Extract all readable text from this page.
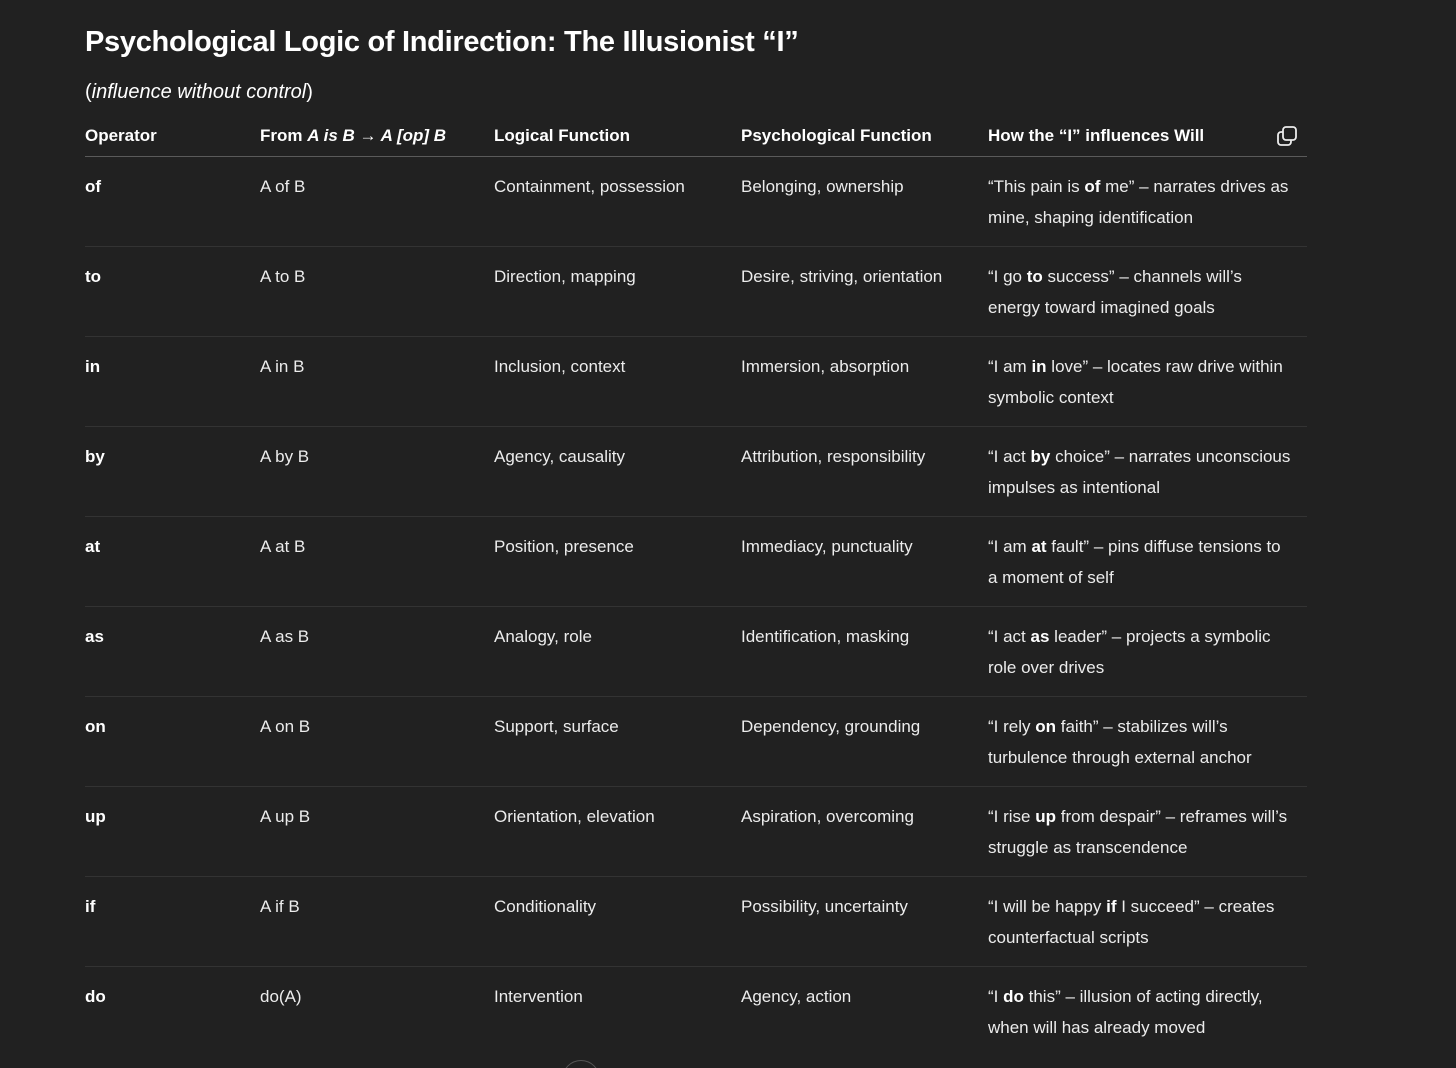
Psychological Logic of Indirection: The Illusionist “I”
(influence without control)
Operator	From A is B → A [op] B	Logical Function	Psychological Function	How the “I” influences Will

of	A of B	Containment, possession	Belonging, ownership	“This pain is of me” – narrates drives as mine, shaping identification
to	A to B	Direction, mapping	Desire, striving, orientation	“I go to success” – channels will’s energy toward imagined goals
in	A in B	Inclusion, context	Immersion, absorption	“I am in love” – locates raw drive within symbolic context
by	A by B	Agency, causality	Attribution, responsibility	“I act by choice” – narrates unconscious impulses as intentional
at	A at B	Position, presence	Immediacy, punctuality	“I am at fault” – pins diffuse tensions to a moment of self
as	A as B	Analogy, role	Identification, masking	“I act as leader” – projects a symbolic role over drives
on	A on B	Support, surface	Dependency, grounding	“I rely on faith” – stabilizes will’s turbulence through external anchor
up	A up B	Orientation, elevation	Aspiration, overcoming	“I rise up from despair” – reframes will’s struggle as transcendence
if	A if B	Conditionality	Possibility, uncertainty	“I will be happy if I succeed” – creates counterfactual scripts
do	do(A)	Intervention	Agency, action	“I do this” – illusion of acting directly, when will has already moved
